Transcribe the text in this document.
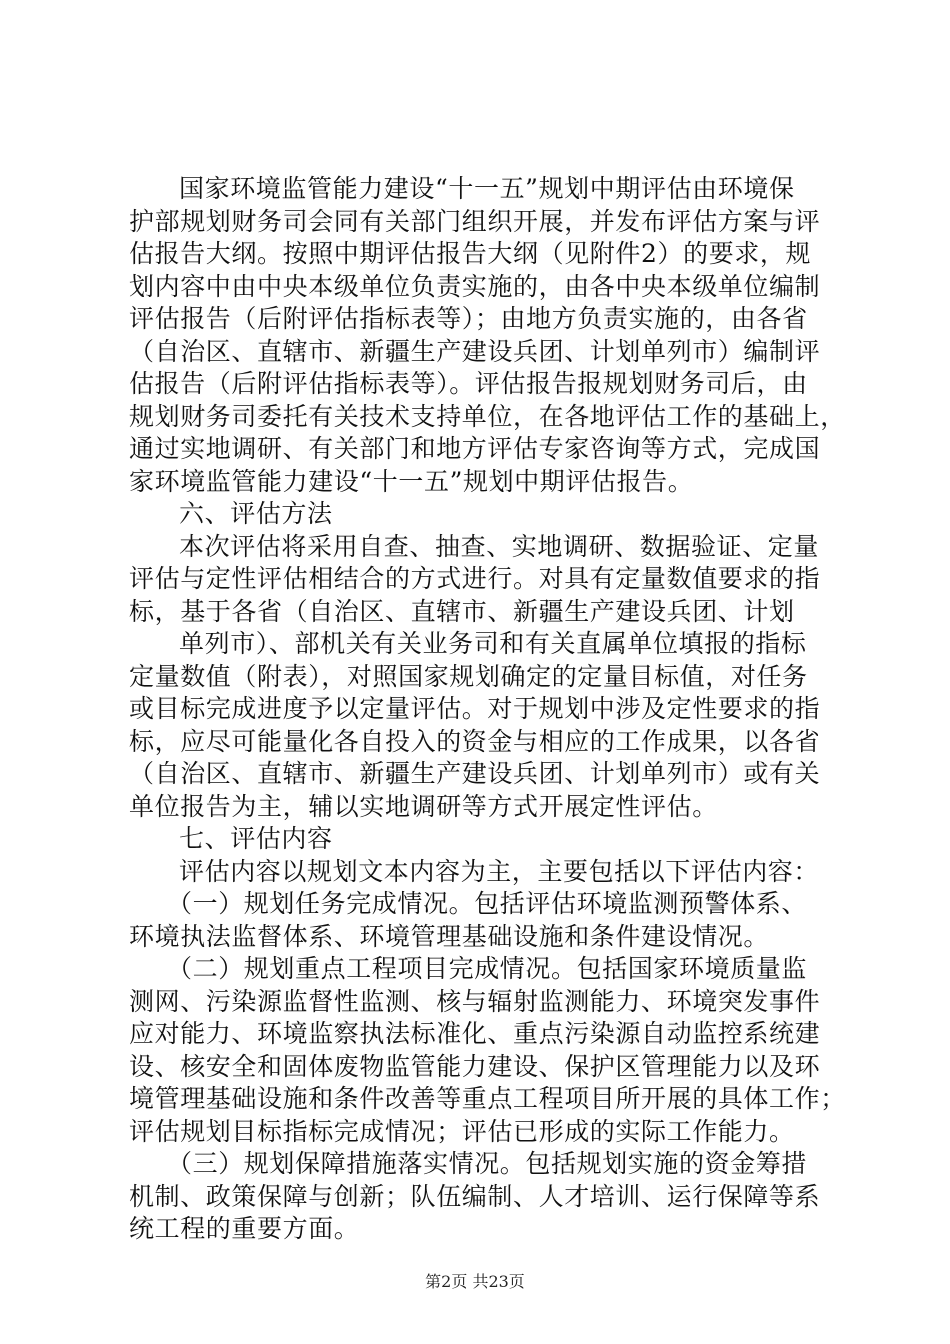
国家环境监管能力建设“十一五”规划中期评估由环境保
护部规划财务司会同有关部门组织开展，并发布评估方案与评
估报告大纲。按照中期评估报告大纲（见附件2）的要求，规
划内容中由中央本级单位负责实施的，由各中央本级单位编制
评估报告（后附评估指标表等）；由地方负责实施的，由各省
（自治区、直辖市、新疆生产建设兵团、计划单列市）编制评
估报告（后附评估指标表等）。评估报告报规划财务司后，由
规划财务司委托有关技术支持单位，在各地评估工作的基础上，
通过实地调研、有关部门和地方评估专家咨询等方式，完成国
家环境监管能力建设“十一五”规划中期评估报告。
六、评估方法
本次评估将采用自查、抽查、实地调研、数据验证、定量
评估与定性评估相结合的方式进行。对具有定量数值要求的指
标，基于各省（自治区、直辖市、新疆生产建设兵团、计划
单列市）、部机关有关业务司和有关直属单位填报的指标
定量数值（附表），对照国家规划确定的定量目标值，对任务
或目标完成进度予以定量评估。对于规划中涉及定性要求的指
标，应尽可能量化各自投入的资金与相应的工作成果，以各省
（自治区、直辖市、新疆生产建设兵团、计划单列市）或有关
单位报告为主，辅以实地调研等方式开展定性评估。
七、评估内容
评估内容以规划文本内容为主，主要包括以下评估内容：
（一）规划任务完成情况。包括评估环境监测预警体系、
环境执法监督体系、环境管理基础设施和条件建设情况。
（二）规划重点工程项目完成情况。包括国家环境质量监
测网、污染源监督性监测、核与辐射监测能力、环境突发事件
应对能力、环境监察执法标准化、重点污染源自动监控系统建
设、核安全和固体废物监管能力建设、保护区管理能力以及环
境管理基础设施和条件改善等重点工程项目所开展的具体工作；
评估规划目标指标完成情况；评估已形成的实际工作能力。
（三）规划保障措施落实情况。包括规划实施的资金筹措
机制、政策保障与创新；队伍编制、人才培训、运行保障等系
统工程的重要方面。
第2页 共23页
